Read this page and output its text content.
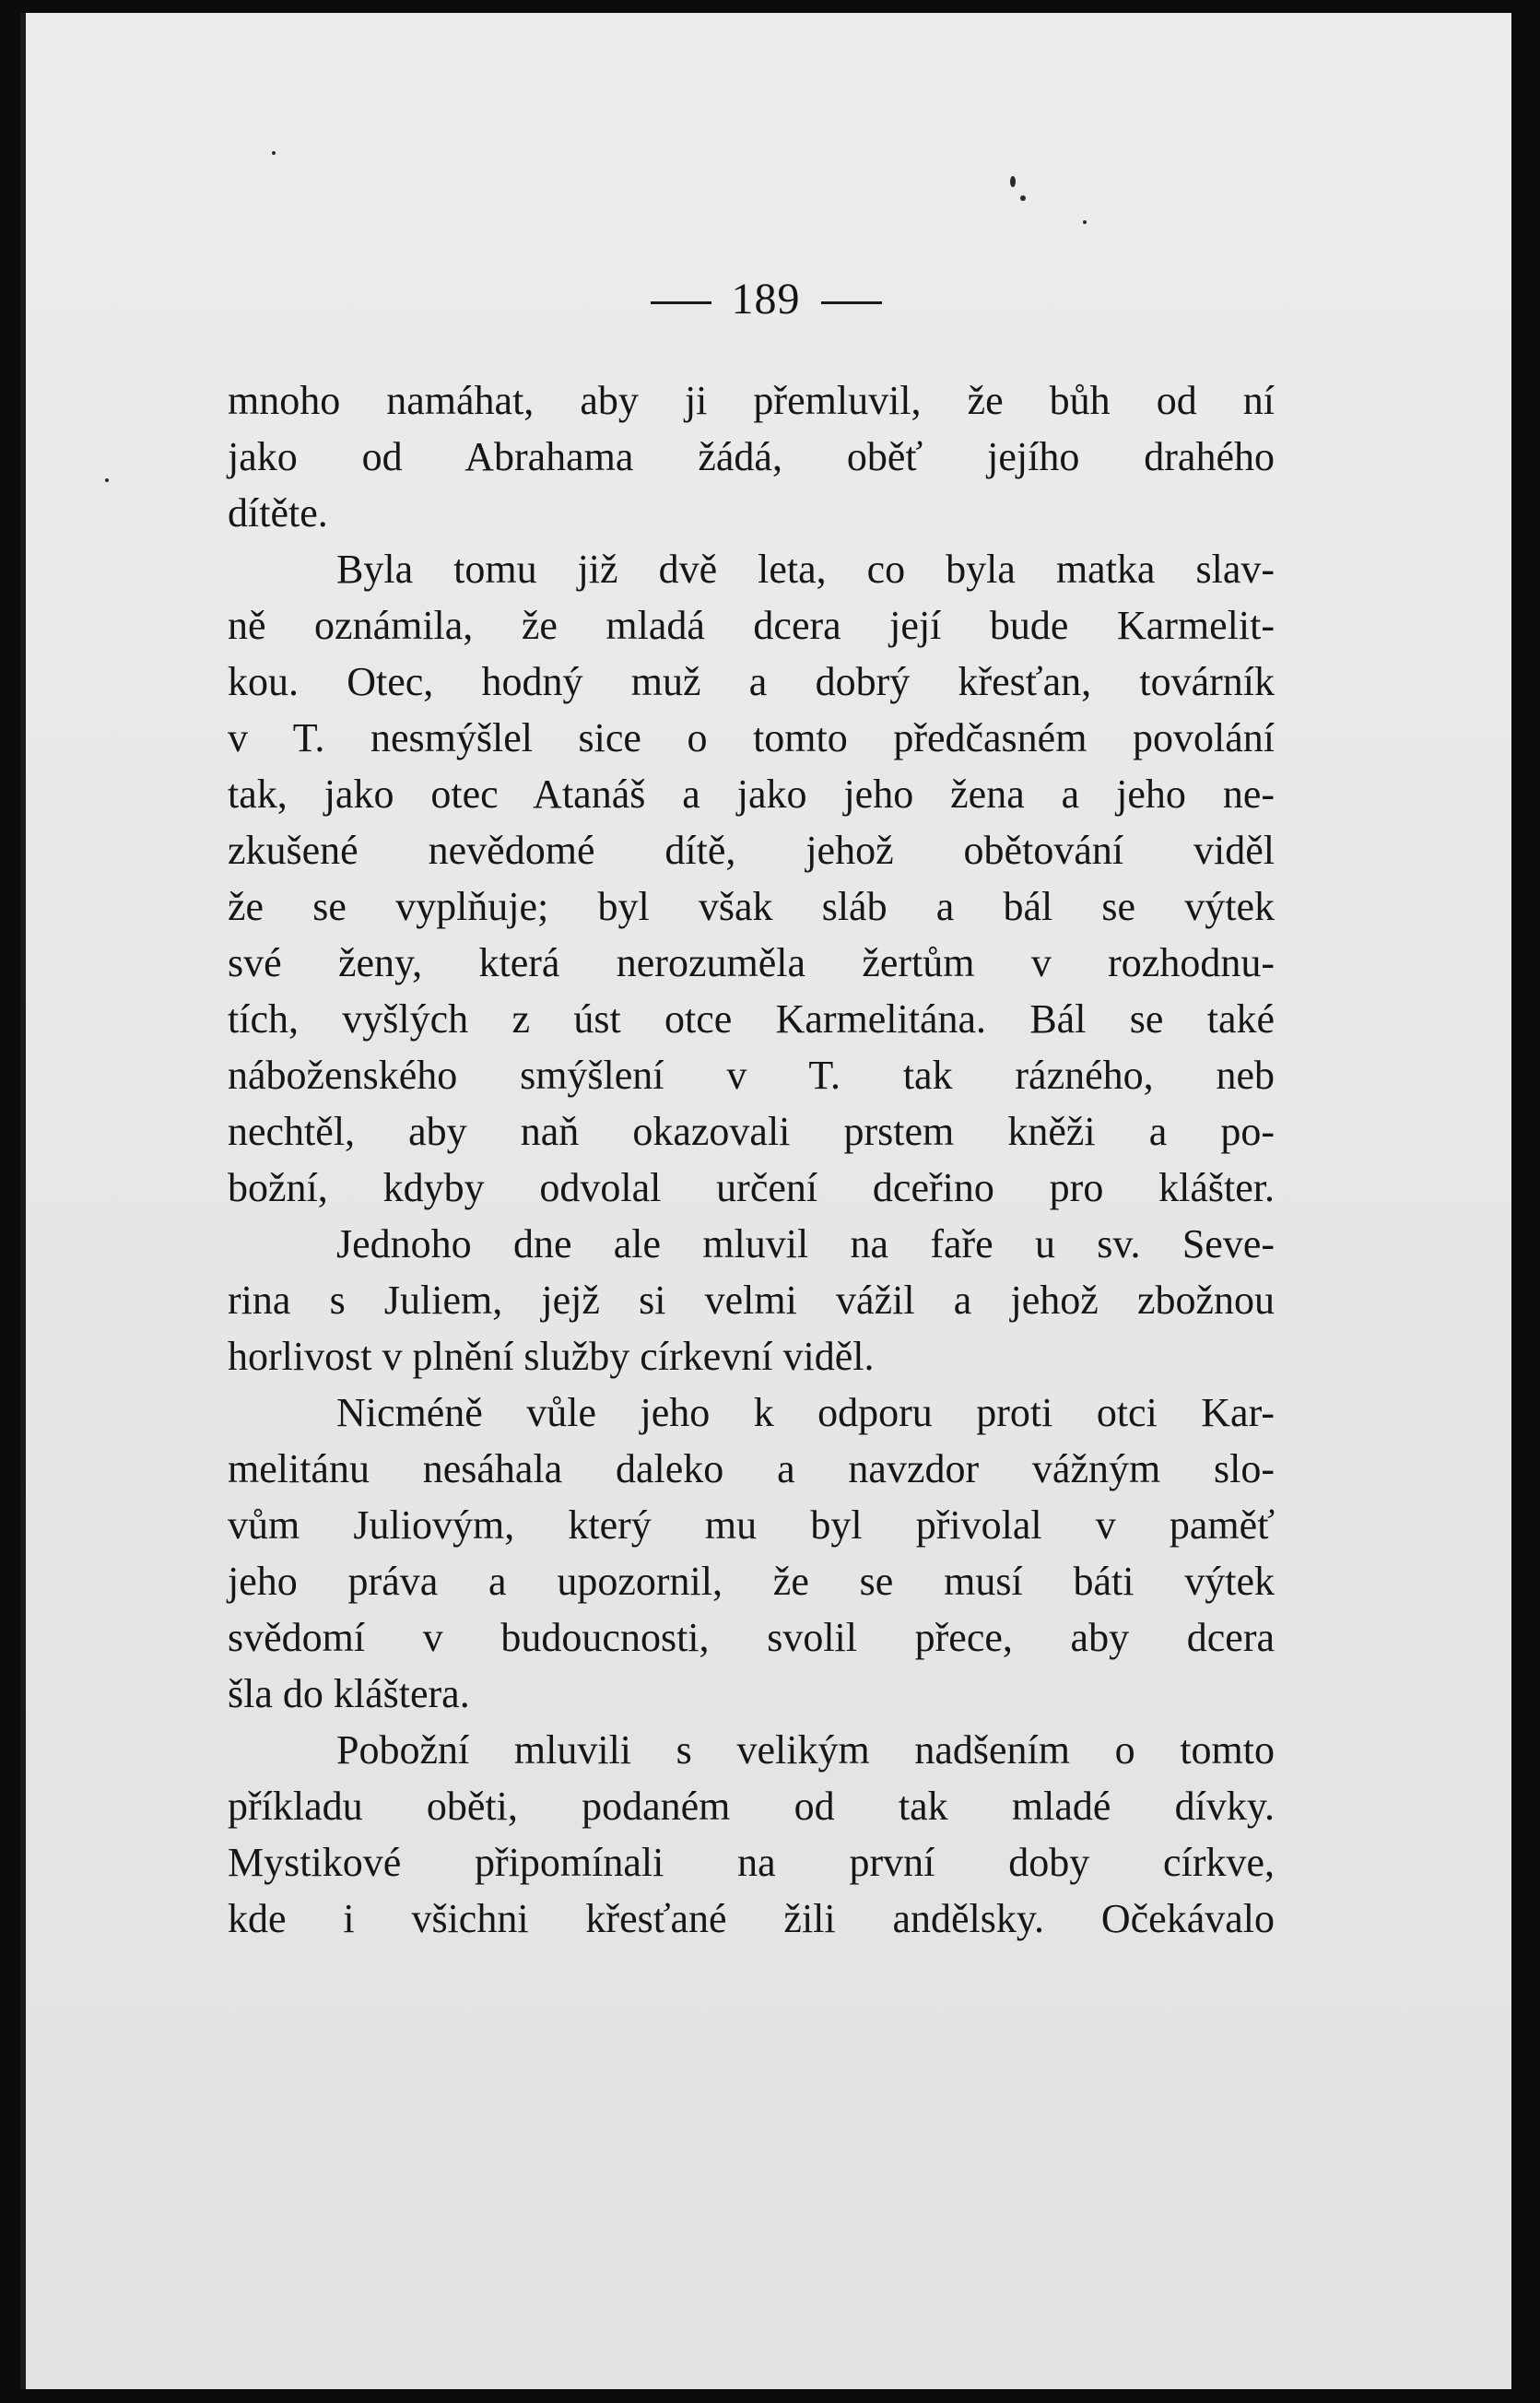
189

mnoho namáhat, aby ji přemluvil, že bůh od ní

jako od Abrahama žádá, oběť jejího drahého

dítěte.

Byla tomu již dvě leta, co byla matka slav-

ně oznámila, že mladá dcera její bude Karmelit-

kou. Otec, hodný muž a dobrý křesťan, továrník

v T. nesmýšlel sice o tomto předčasném povolání

tak, jako otec Atanáš a jako jeho žena a jeho ne-

zkušené nevědomé dítě, jehož obětování viděl

že se vyplňuje; byl však sláb a bál se výtek

své ženy, která nerozuměla žertům v rozhodnu-

tích, vyšlých z úst otce Karmelitána. Bál se také

náboženského smýšlení v T. tak rázného, neb

nechtěl, aby naň okazovali prstem kněži a po-

božní, kdyby odvolal určení dceřino pro klášter.

Jednoho dne ale mluvil na faře u sv. Seve-

rina s Juliem, jejž si velmi vážil a jehož zbožnou

horlivost v plnění služby církevní viděl.

Nicméně vůle jeho k odporu proti otci Kar-

melitánu nesáhala daleko a navzdor vážným slo-

vům Juliovým, který mu byl přivolal v paměť

jeho práva a upozornil, že se musí báti výtek

svědomí v budoucnosti, svolil přece, aby dcera

šla do kláštera.

Pobožní mluvili s velikým nadšením o tomto

příkladu oběti, podaném od tak mladé dívky.

Mystikové připomínali na první doby církve,

kde i všichni křesťané žili andělsky. Očekávalo
